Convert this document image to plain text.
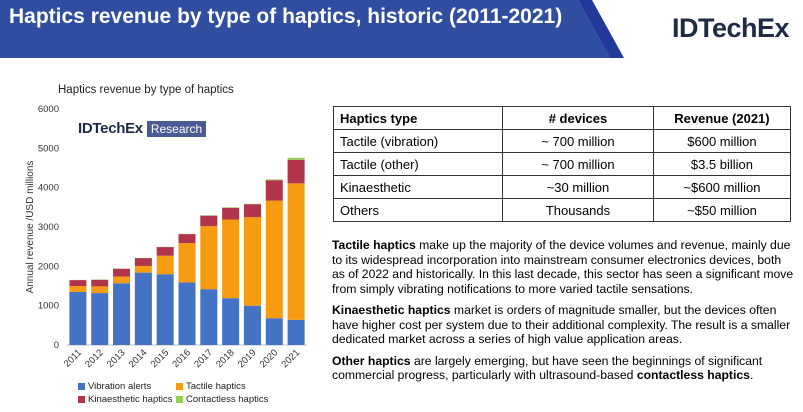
Haptics revenue by type of haptics, historic (2011-2021)	IDTechEx
Haptics revenue by type of haptics
IDTechEx Research
Annual revenue /USD millions
0
1000
2000
3000
4000
5000
6000
2011 2012 2013 2014 2015 2016 2017 2018 2019 2020 2021
Vibration alerts	Tactile haptics
Kinaesthetic haptics Contactless haptics
Haptics type	# devices	Revenue (2021)
Tactile (vibration)	~ 700 million	$600 million
Tactile (other)	~ 700 million	$3.5 billion
Kinaesthetic	~30 million	~$600 million
Others	Thousands	~$50 million

Tactile haptics make up the majority of the device volumes and revenue, mainly due to its widespread incorporation into mainstream consumer electronics devices, both as of 2022 and historically. In this last decade, this sector has seen a significant move from simply vibrating notifications to more varied tactile sensations.

Kinaesthetic haptics market is orders of magnitude smaller, but the devices often have higher cost per system due to their additional complexity. The result is a smaller dedicated market across a series of high value application areas.

Other haptics are largely emerging, but have seen the beginnings of significant commercial progress, particularly with ultrasound-based contactless haptics.
